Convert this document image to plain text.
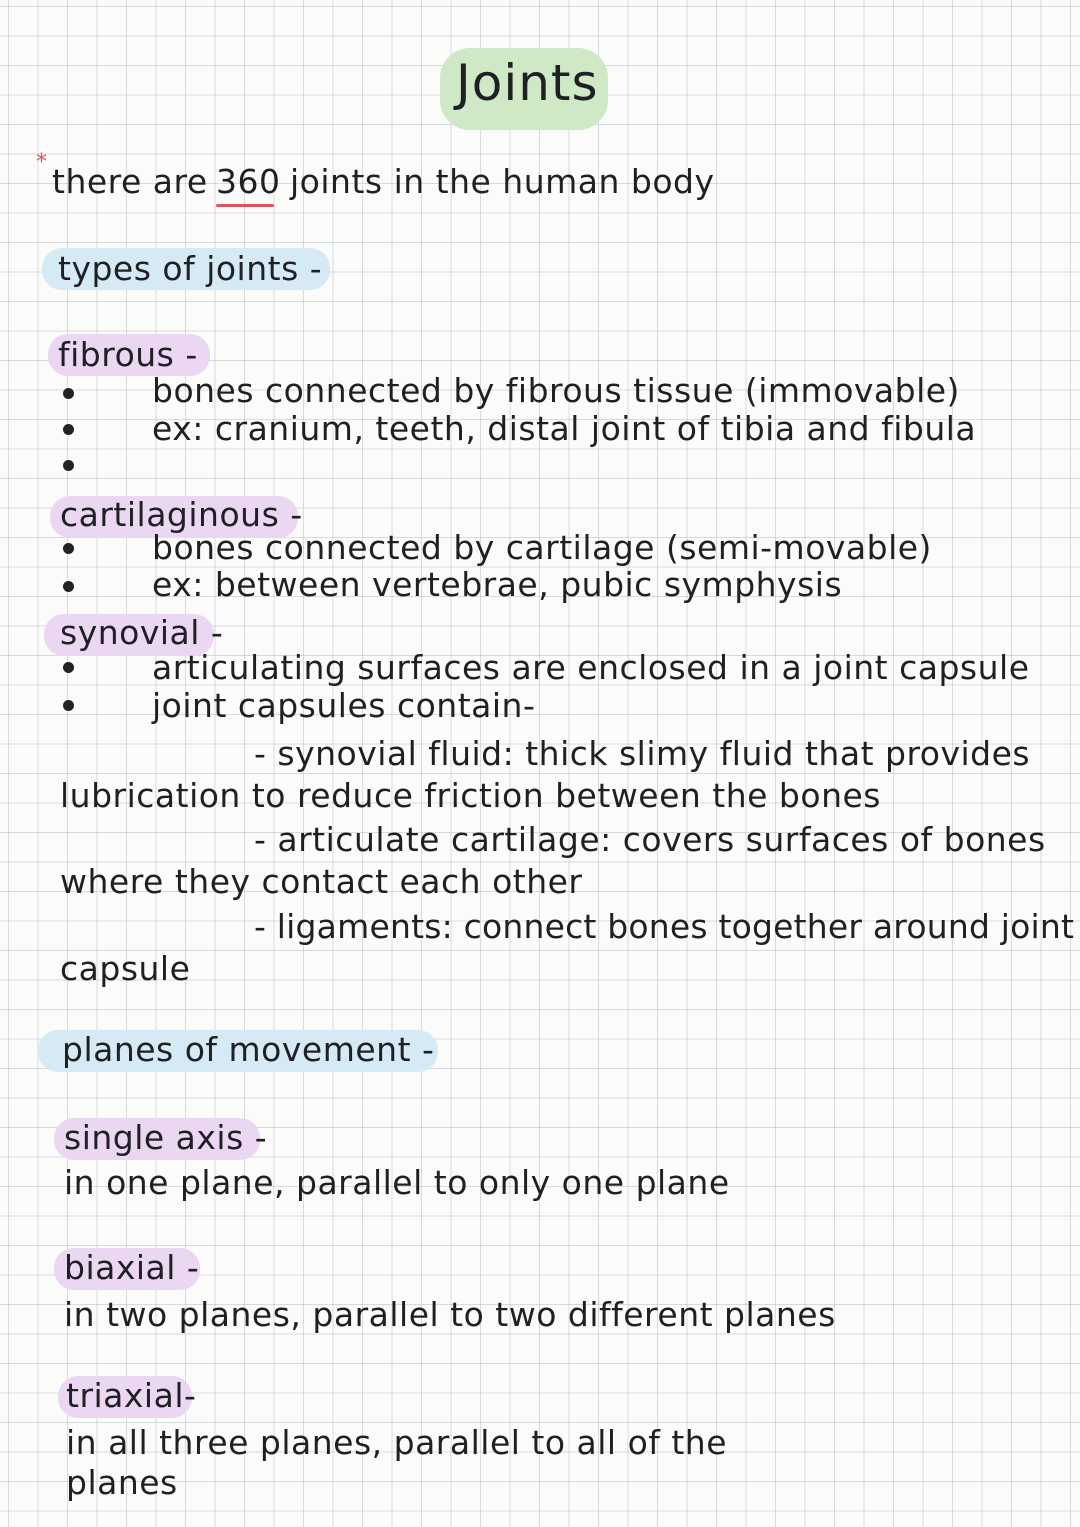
Joints
* there are 360 joints in the human body
types of joints -
fibrous -
bones connected by fibrous tissue (immovable)
ex: cranium, teeth, distal joint of tibia and fibula
cartilaginous -
bones connected by cartilage (semi-movable)
ex: between vertebrae, pubic symphysis
synovial -
articulating surfaces are enclosed in a joint capsule
joint capsules contain-
- synovial fluid: thick slimy fluid that provides
lubrication to reduce friction between the bones
- articulate cartilage: covers surfaces of bones
where they contact each other
- ligaments: connect bones together around joint
capsule
planes of movement -
single axis -
in one plane, parallel to only one plane
biaxial -
in two planes, parallel to two different planes
triaxial-
in all three planes, parallel to all of the
planes
